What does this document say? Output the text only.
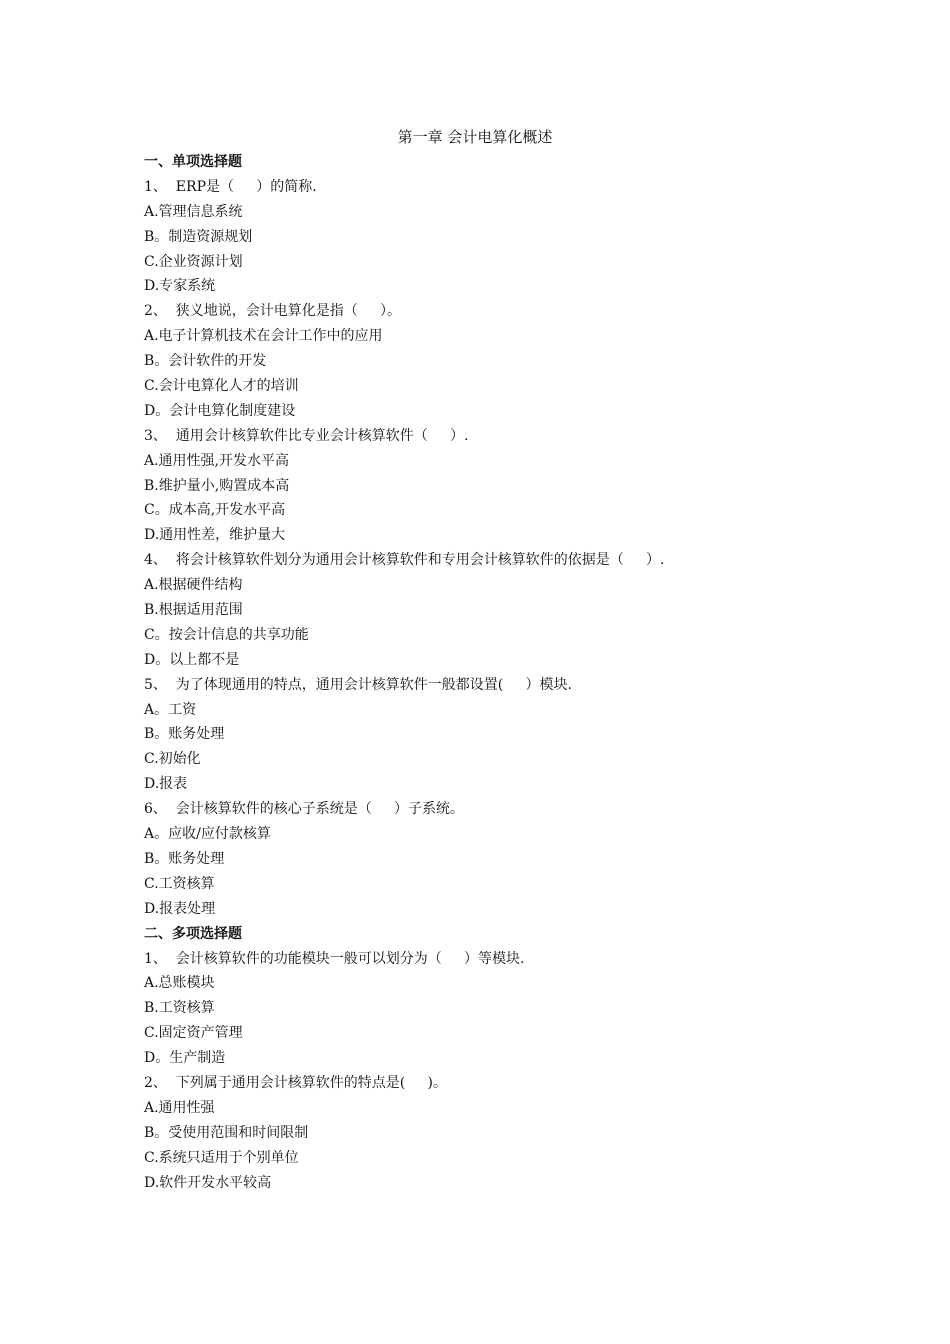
第一章 会计电算化概述
一、单项选择题
1、  ERP是（     ）的简称.
A.管理信息系统
B。制造资源规划
C.企业资源计划
D.专家系统
2、  狭义地说，会计电算化是指（     ）。
A.电子计算机技术在会计工作中的应用
B。会计软件的开发
C.会计电算化人才的培训
D。会计电算化制度建设
3、  通用会计核算软件比专业会计核算软件（     ）.
A.通用性强,开发水平高
B.维护量小,购置成本高
C。成本高,开发水平高
D.通用性差，维护量大
4、  将会计核算软件划分为通用会计核算软件和专用会计核算软件的依据是（     ）.
A.根据硬件结构
B.根据适用范围
C。按会计信息的共享功能
D。以上都不是
5、  为了体现通用的特点，通用会计核算软件一般都设置(     ）模块.
A。工资
B。账务处理
C.初始化
D.报表
6、  会计核算软件的核心子系统是（     ）子系统。
A。应收/应付款核算
B。账务处理
C.工资核算
D.报表处理
二、多项选择题
1、  会计核算软件的功能模块一般可以划分为（     ）等模块.
A.总账模块
B.工资核算
C.固定资产管理
D。生产制造
2、  下列属于通用会计核算软件的特点是(     )。
A.通用性强
B。受使用范围和时间限制
C.系统只适用于个别单位
D.软件开发水平较高
